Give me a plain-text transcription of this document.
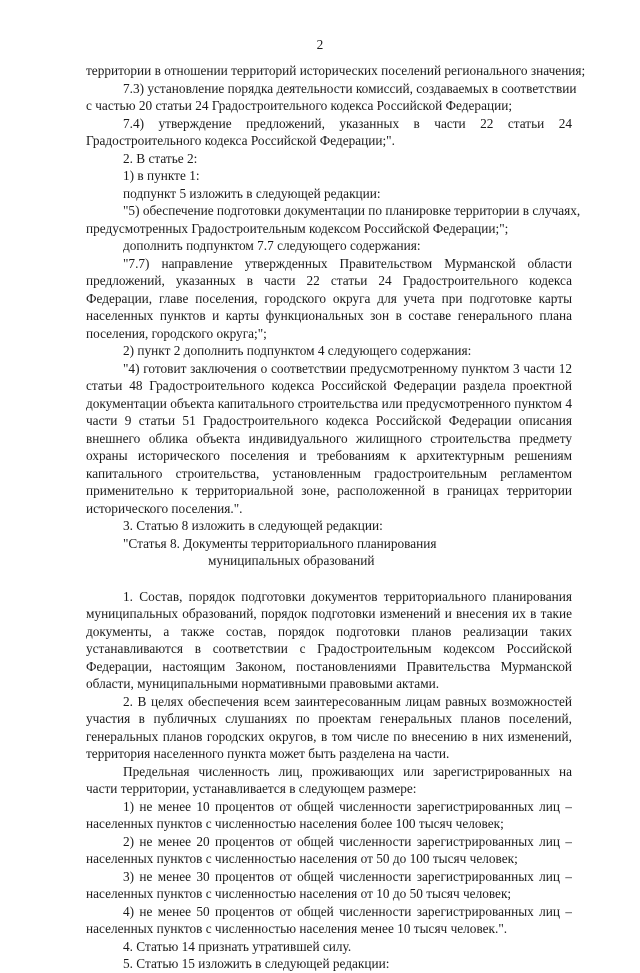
2
территории в отношении территорий исторических поселений регионального значения;
7.3) установление порядка деятельности комиссий, создаваемых в соответствии
с частью 20 статьи 24 Градостроительного кодекса Российской Федерации;
7.4) утверждение предложений, указанных в части 22 статьи 24
Градостроительного кодекса Российской Федерации;".
2. В статье 2:
1) в пункте 1:
подпункт 5 изложить в следующей редакции:
"5) обеспечение подготовки документации по планировке территории в случаях,
предусмотренных Градостроительным кодексом Российской Федерации;";
дополнить подпунктом 7.7 следующего содержания:
"7.7) направление утвержденных Правительством Мурманской области
предложений, указанных в части 22 статьи 24 Градостроительного кодекса
Федерации, главе поселения, городского округа для учета при подготовке карты
населенных пунктов и карты функциональных зон в составе генерального плана
поселения, городского округа;";
2) пункт 2 дополнить подпунктом 4 следующего содержания:
"4) готовит заключения о соответствии предусмотренному пунктом 3 части 12
статьи 48 Градостроительного кодекса Российской Федерации раздела проектной
документации объекта капитального строительства или предусмотренного пунктом 4
части 9 статьи 51 Градостроительного кодекса Российской Федерации описания
внешнего облика объекта индивидуального жилищного строительства предмету
охраны исторического поселения и требованиям к архитектурным решениям
капитального строительства, установленным градостроительным регламентом
применительно к территориальной зоне, расположенной в границах территории
исторического поселения.".
3. Статью 8 изложить в следующей редакции:
"Статья 8. Документы территориального планирования
муниципальных образований
1. Состав, порядок подготовки документов территориального планирования
муниципальных образований, порядок подготовки изменений и внесения их в такие
документы, а также состав, порядок подготовки планов реализации таких
устанавливаются в соответствии с Градостроительным кодексом Российской
Федерации, настоящим Законом, постановлениями Правительства Мурманской
области, муниципальными нормативными правовыми актами.
2. В целях обеспечения всем заинтересованным лицам равных возможностей
участия в публичных слушаниях по проектам генеральных планов поселений,
генеральных планов городских округов, в том числе по внесению в них изменений,
территория населенного пункта может быть разделена на части.
Предельная численность лиц, проживающих или зарегистрированных на
части территории, устанавливается в следующем размере:
1) не менее 10 процентов от общей численности зарегистрированных лиц –
населенных пунктов с численностью населения более 100 тысяч человек;
2) не менее 20 процентов от общей численности зарегистрированных лиц –
населенных пунктов с численностью населения от 50 до 100 тысяч человек;
3) не менее 30 процентов от общей численности зарегистрированных лиц –
населенных пунктов с численностью населения от 10 до 50 тысяч человек;
4) не менее 50 процентов от общей численности зарегистрированных лиц –
населенных пунктов с численностью населения менее 10 тысяч человек.".
4. Статью 14 признать утратившей силу.
5. Статью 15 изложить в следующей редакции:
